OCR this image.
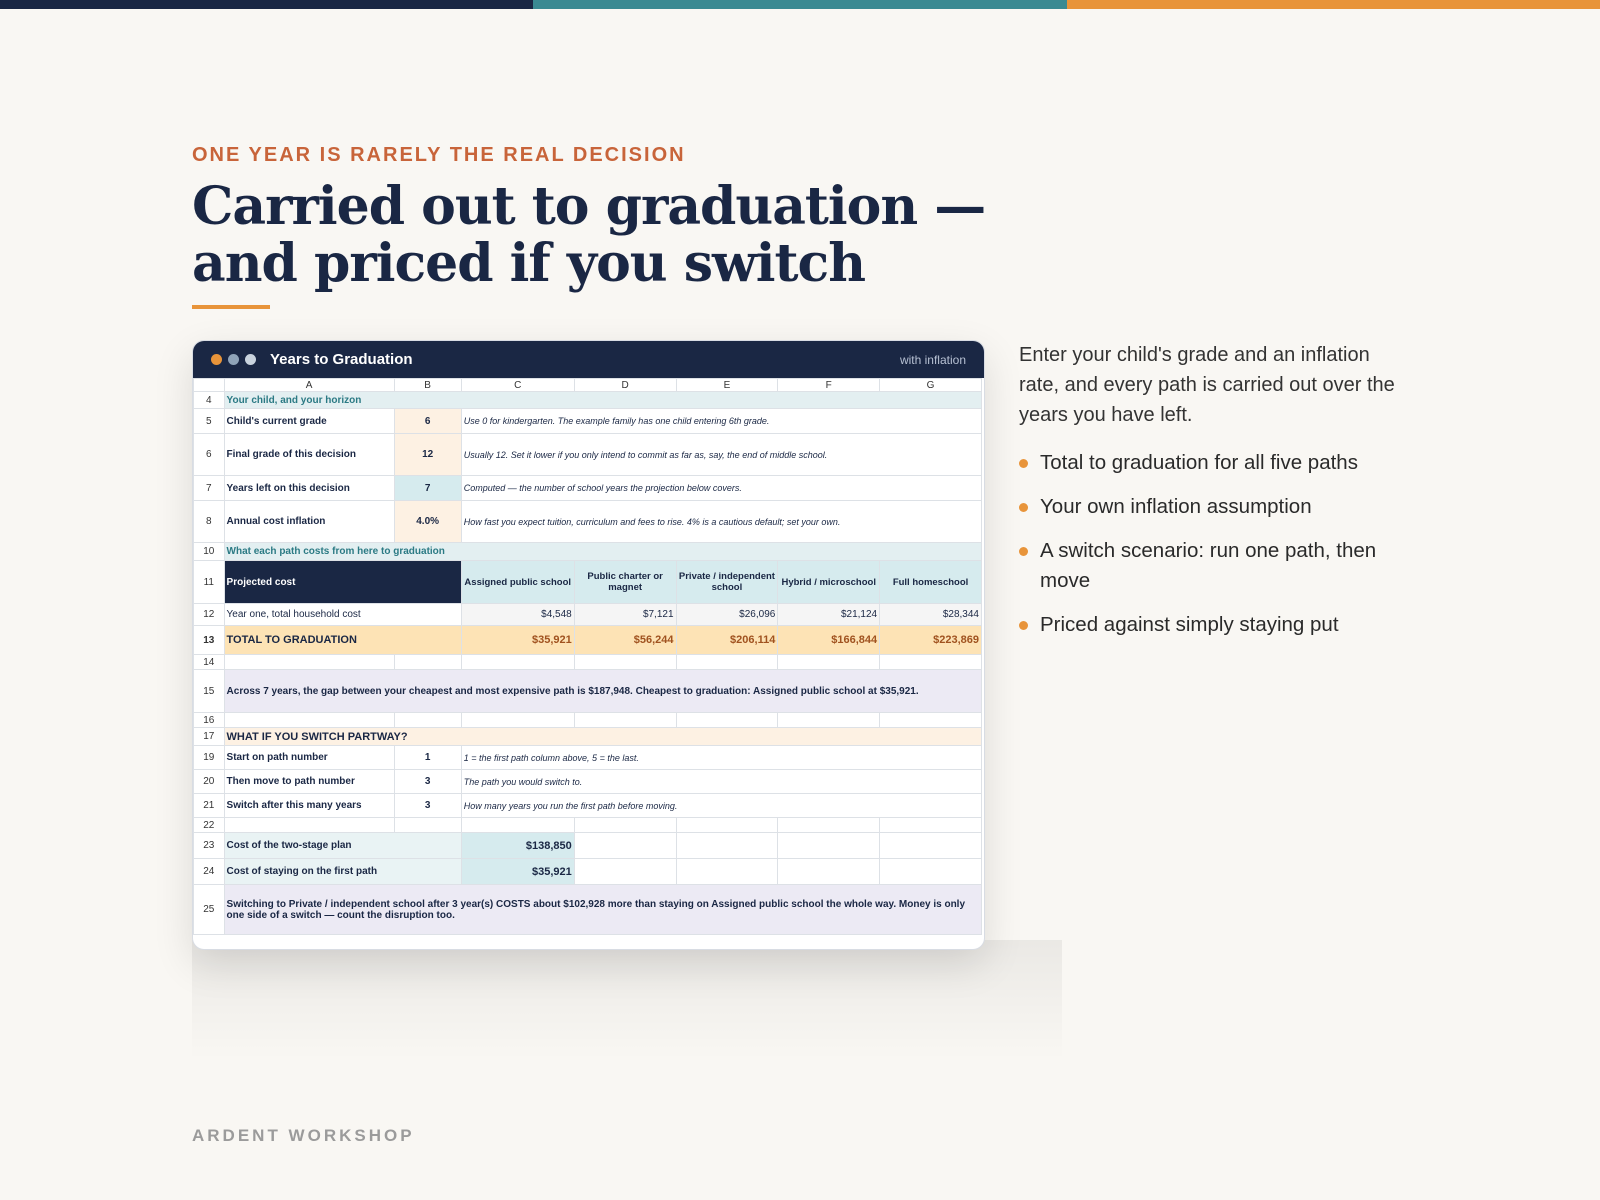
ONE YEAR IS RARELY THE REAL DECISION
Carried out to graduation —
and priced if you switch
Years to Graduation	with inflation
	A	B	C	D	E	F	G
4	Your child, and your horizon						
5	Child's current grade	6	Use 0 for kindergarten. The example family has one child entering 6th grade.				
6	Final grade of this decision	12	Usually 12. Set it lower if you only intend to commit as far as, say, the end of middle school.				
7	Years left on this decision	7	Computed — the number of school years the projection below covers.				
8	Annual cost inflation	4.0%	How fast you expect tuition, curriculum and fees to rise. 4% is a cautious default; set your own.				
10	What each path costs from here to graduation						
11	Projected cost		Assigned public school	Public charter or magnet	Private / independent school	Hybrid / microschool	Full homeschool
12	Year one, total household cost		$4,548	$7,121	$26,096	$21,124	$28,344
13	TOTAL TO GRADUATION		$35,921	$56,244	$206,114	$166,844	$223,869
14							
15	Across 7 years, the gap between your cheapest and most expensive path is $187,948. Cheapest to graduation: Assigned public school at $35,921.						
16							
17	WHAT IF YOU SWITCH PARTWAY?						
19	Start on path number	1	1 = the first path column above, 5 = the last.				
20	Then move to path number	3	The path you would switch to.				
21	Switch after this many years	3	How many years you run the first path before moving.				
22							
23	Cost of the two-stage plan		$138,850				
24	Cost of staying on the first path		$35,921				
25	Switching to Private / independent school after 3 year(s) COSTS about $102,928 more than staying on Assigned public school the whole way. Money is only one side of a switch — count the disruption too.						

Enter your child's grade and an inflation rate, and every path is carried out over the years you have left.

Total to graduation for all five paths
Your own inflation assumption
A switch scenario: run one path, then move
Priced against simply staying put
ARDENT WORKSHOP
